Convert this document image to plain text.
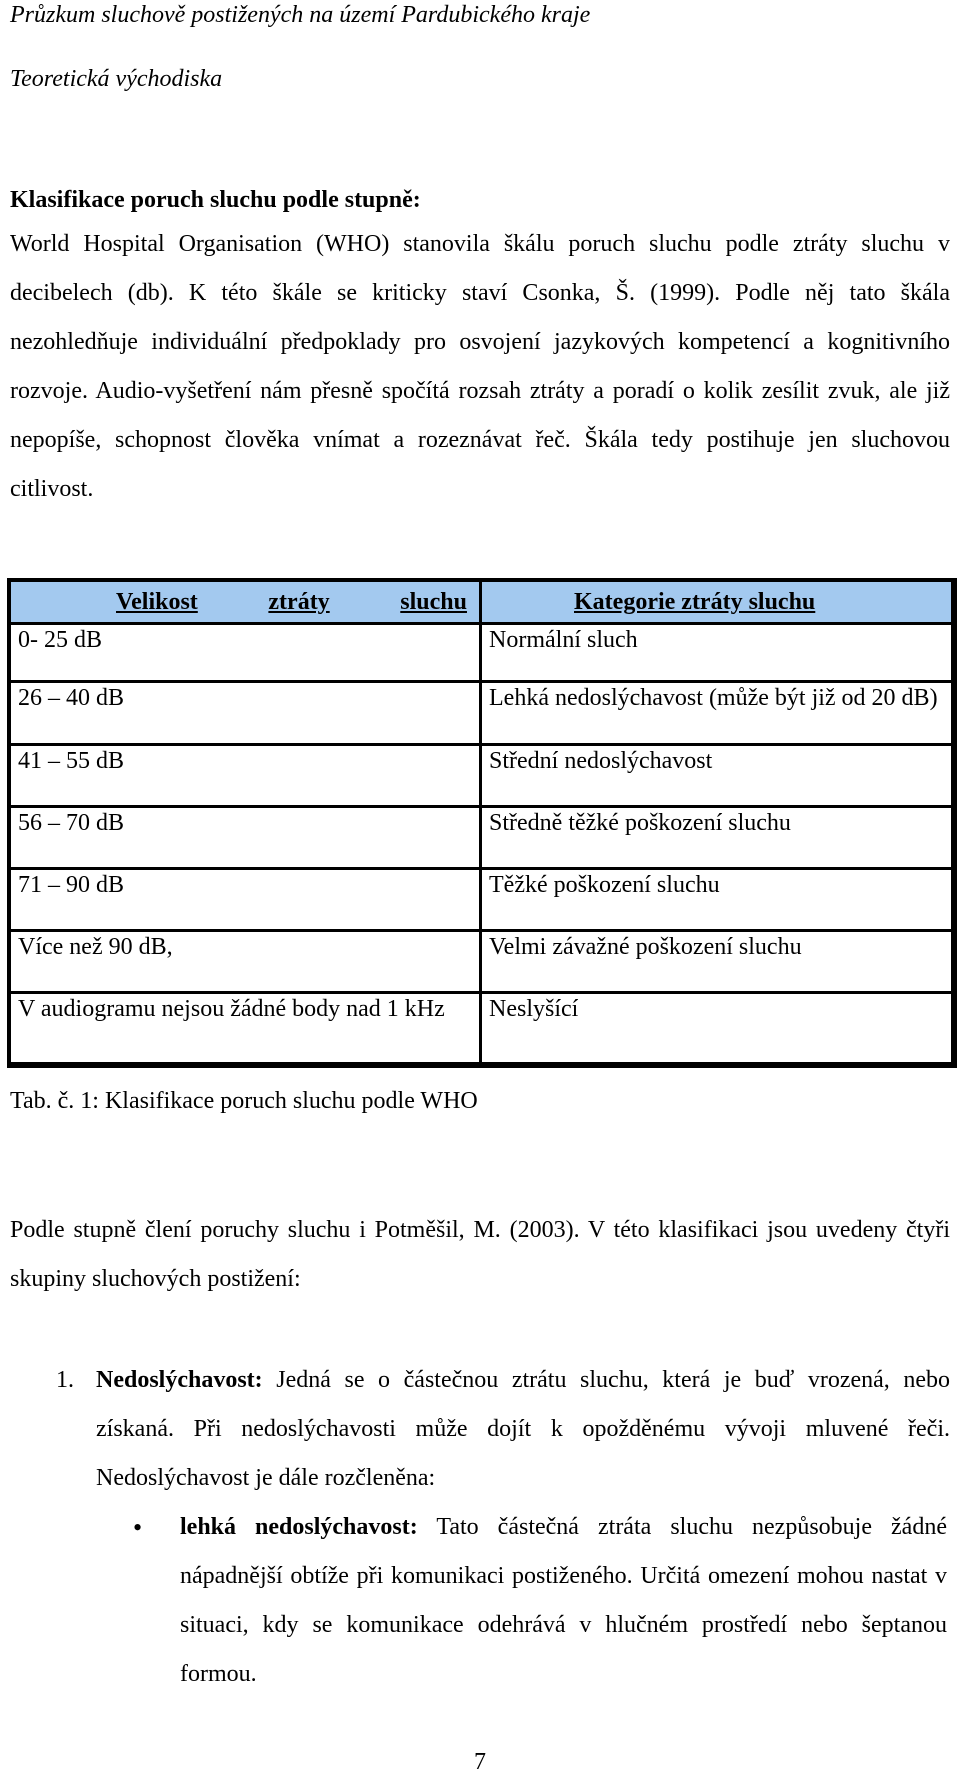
Průzkum sluchově postižených na území Pardubického kraje
Teoretická východiska
Klasifikace poruch sluchu podle stupně:
World Hospital Organisation (WHO) stanovila škálu poruch sluchu podle ztráty sluchu v decibelech (db). K této škále se kriticky staví Csonka, Š. (1999). Podle něj tato škála nezohledňuje individuální předpoklady pro osvojení jazykových kompetencí a kognitivního rozvoje. Audio-vyšetření nám přesně spočítá rozsah ztráty a poradí o kolik zesílit zvuk, ale již nepopíše, schopnost člověka vnímat a rozeznávat řeč. Škála tedy postihuje jen sluchovou citlivost.
Velikost ztráty sluchu	Kategorie ztráty sluchu
0- 25 dB	Normální sluch
26 – 40 dB	Lehká nedoslýchavost (může být již od 20 dB)
41 – 55 dB	Střední nedoslýchavost
56 – 70 dB	Středně těžké poškození sluchu
71 – 90 dB	Těžké poškození sluchu
Více než 90 dB,	Velmi závažné poškození sluchu
V audiogramu nejsou žádné body nad 1 kHz	Neslyšící
Tab. č. 1: Klasifikace poruch sluchu podle WHO
Podle stupně člení poruchy sluchu i Potměšil, M. (2003). V této klasifikaci jsou uvedeny čtyři skupiny sluchových postižení:
1. Nedoslýchavost: Jedná se o částečnou ztrátu sluchu, která je buď vrozená, nebo získaná. Při nedoslýchavosti může dojít k opožděnému vývoji mluvené řeči. Nedoslýchavost je dále rozčleněna:
• lehká nedoslýchavost: Tato částečná ztráta sluchu nezpůsobuje žádné nápadnější obtíže při komunikaci postiženého. Určitá omezení mohou nastat v situaci, kdy se komunikace odehrává v hlučném prostředí nebo šeptanou formou.
7
